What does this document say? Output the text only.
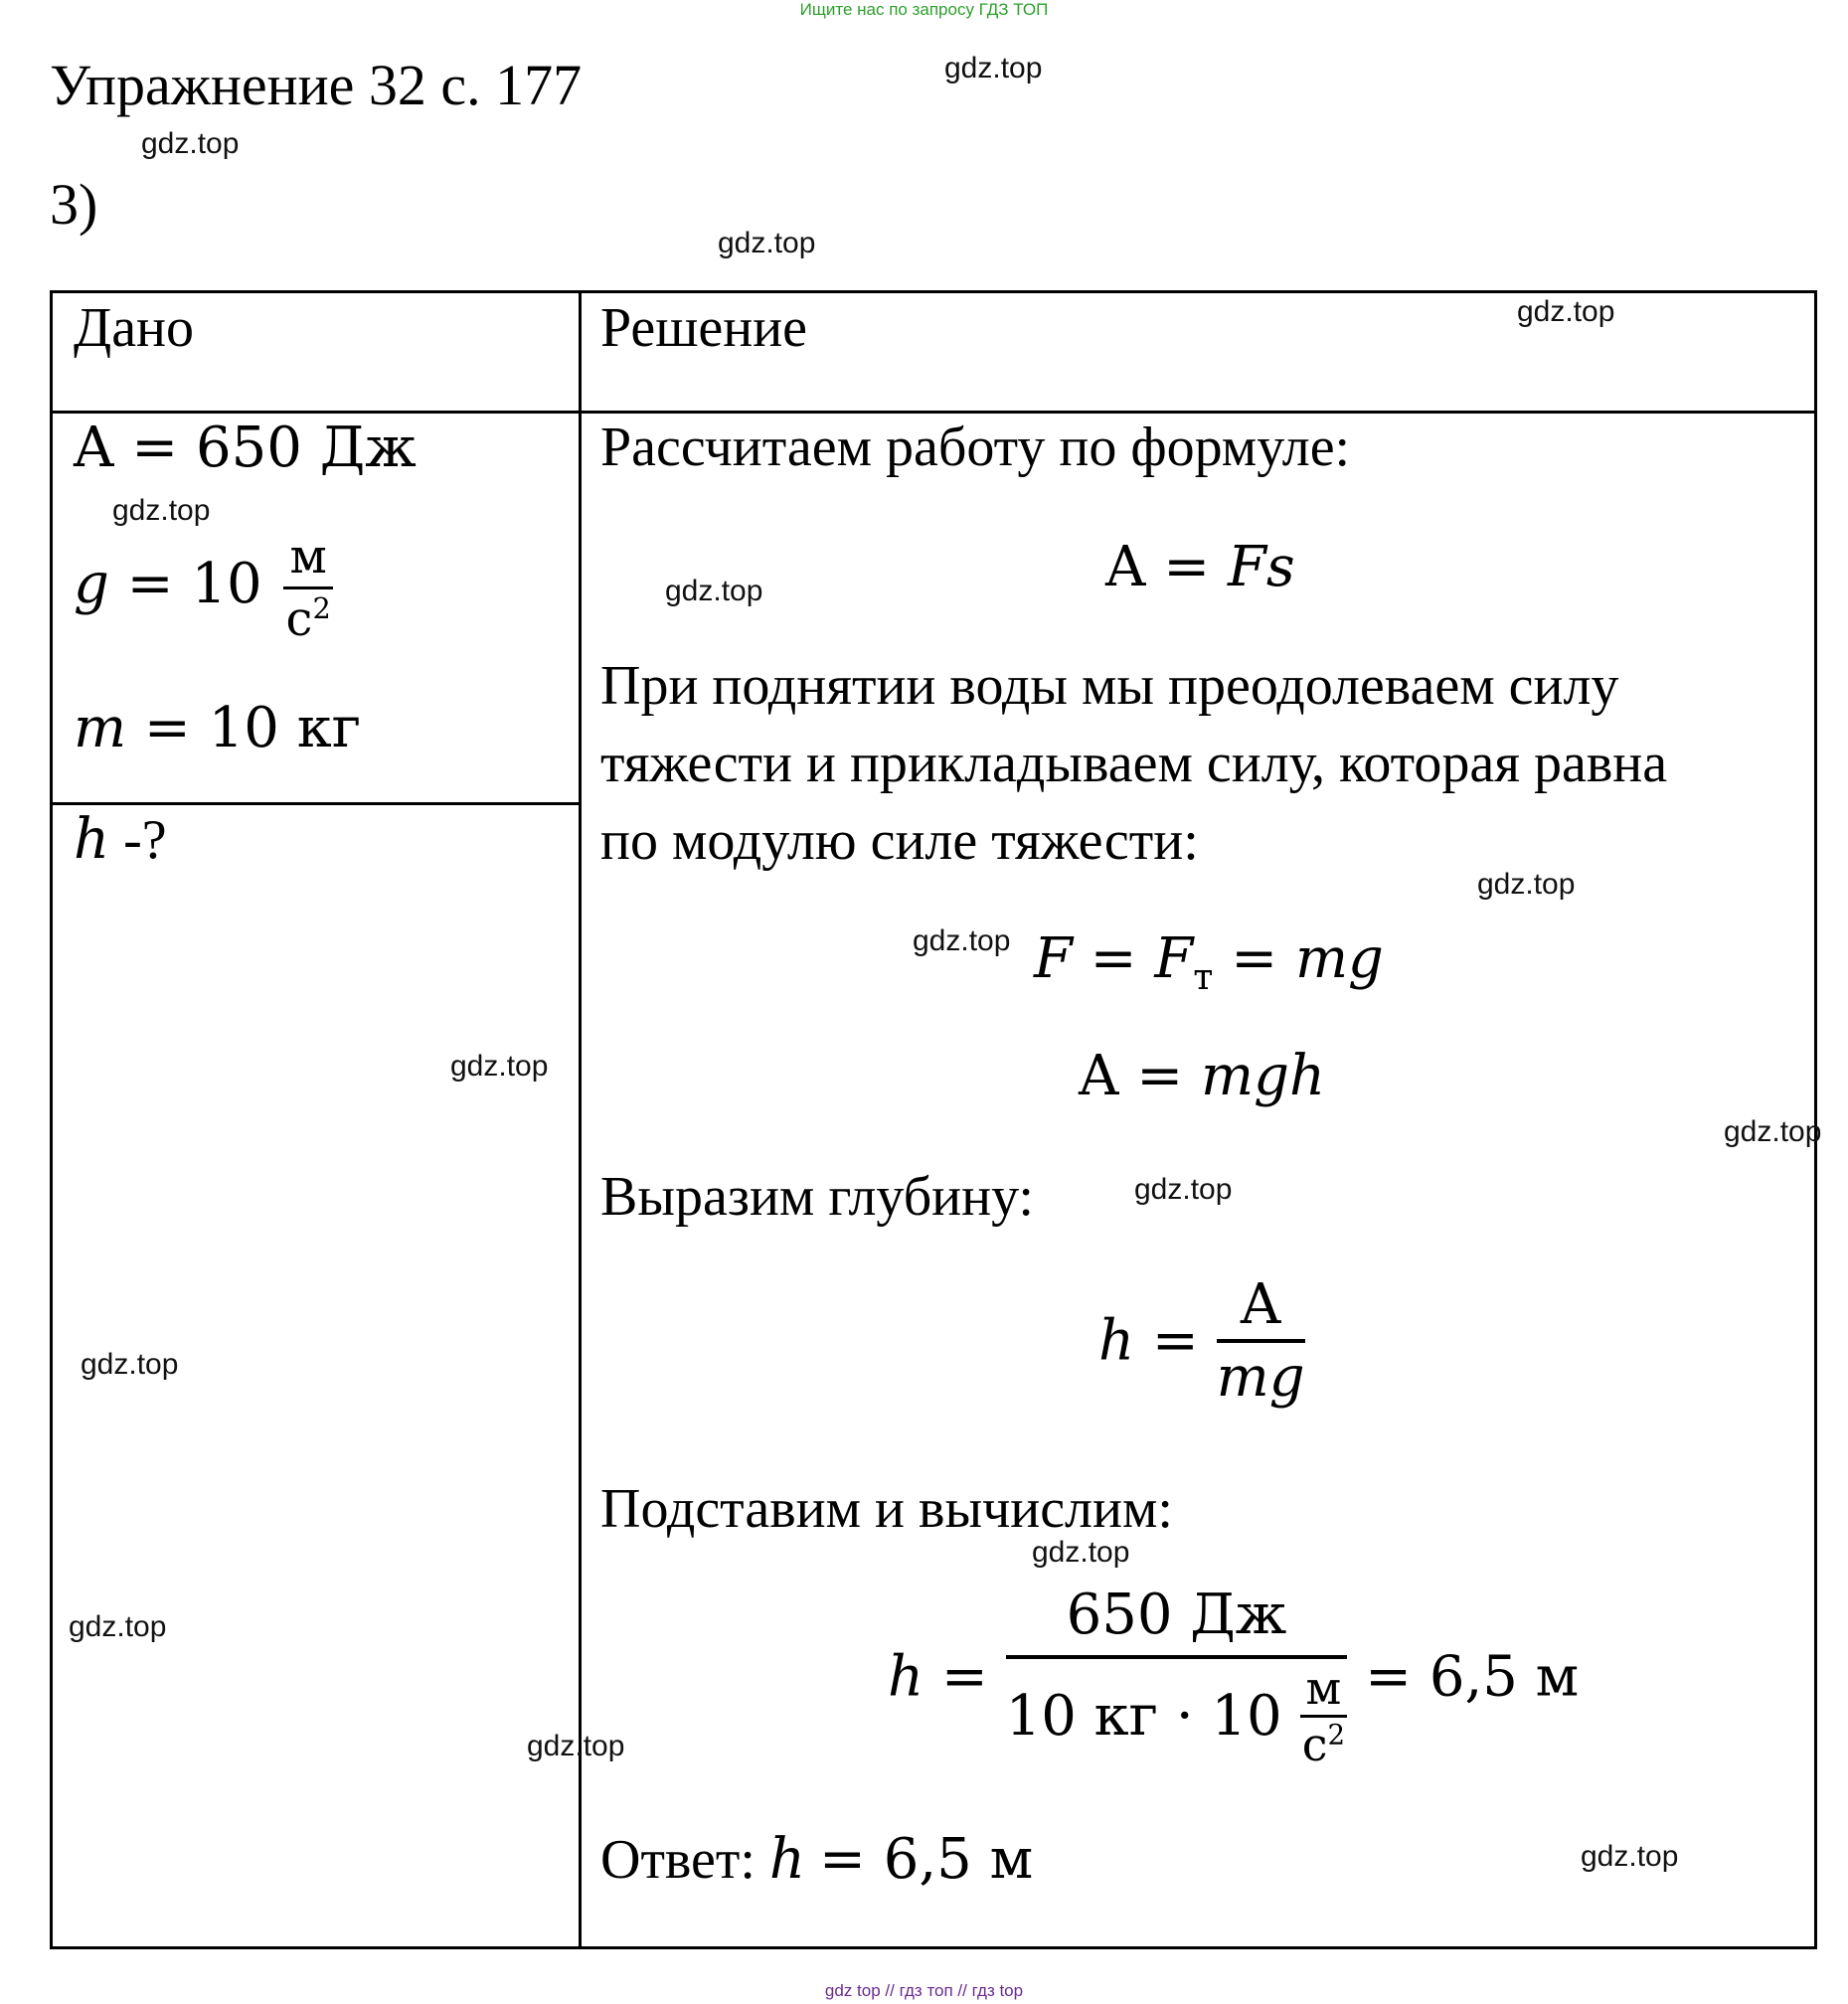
Ищите нас по запросу ГДЗ ТОП
Упражнение 32 с. 177
3)
Дано	Решение
A = 650 Дж
$g = 10 \frac{м}{с^2}$
m = 10 кг
h -?
Рассчитаем работу по формуле:
A = Fs
При поднятии воды мы преодолеваем силу
тяжести и прикладываем силу, которая равна
по модулю силе тяжести:
$F = F_т$ = mg
A = mgh
Выразим глубину:
$h = \frac{A}{mg}$
Подставим и вычислим:
$h = \frac{650 Дж}{10 кг \cdot 10 \frac{м}{с^2}} = 6,5$ м
Ответ: h = 6,5 м
gdz.top
gdz.top
gdz.top
gdz.top
gdz.top
gdz.top
gdz.top
gdz.top
gdz.top
gdz.top
gdz.top
gdz.top
gdz.top
gdz.top
gdz.top
gdz.top
gdz top // гдз топ // гдз top
